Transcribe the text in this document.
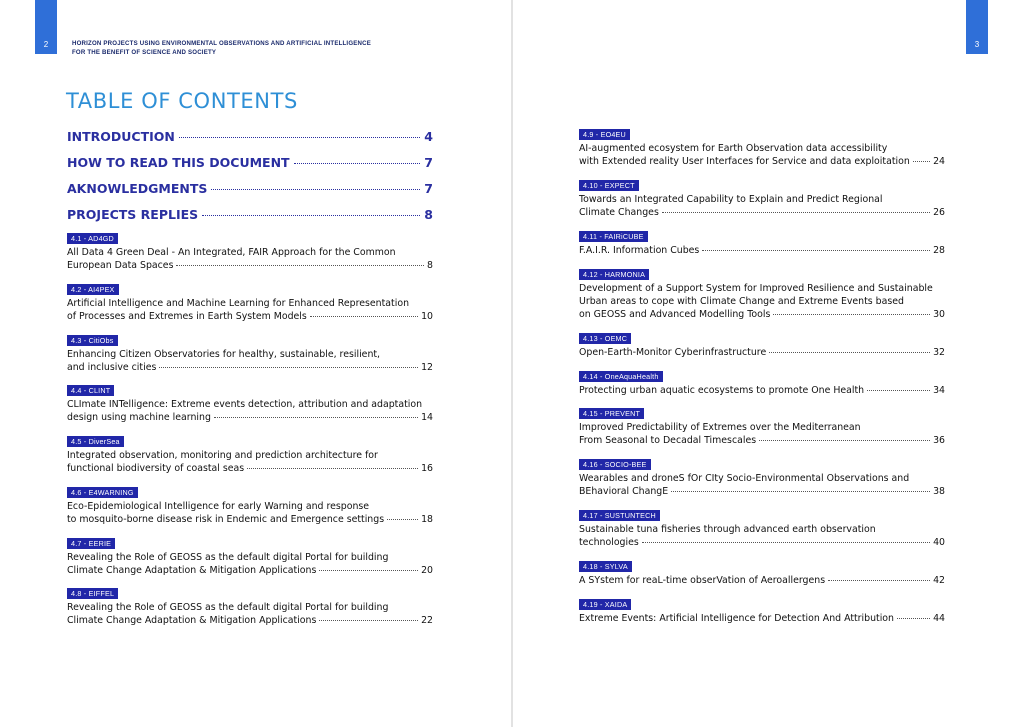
2	3
HORIZON PROJECTS USING ENVIRONMENTAL OBSERVATIONS AND ARTIFICIAL INTELLIGENCE
FOR THE BENEFIT OF SCIENCE AND SOCIETY
TABLE OF CONTENTS
INTRODUCTION	4
HOW TO READ THIS DOCUMENT	7
AKNOWLEDGMENTS	7
PROJECTS REPLIES	8
4.1 - AD4GD
All Data 4 Green Deal - An Integrated, FAIR Approach for the Common
European Data Spaces	8
4.2 - AI4PEX
Artificial Intelligence and Machine Learning for Enhanced Representation
of Processes and Extremes in Earth System Models	10
4.3 - CitiObs
Enhancing Citizen Observatories for healthy, sustainable, resilient,
and inclusive cities	12
4.4 - CLINT
CLImate INTelligence: Extreme events detection, attribution and adaptation
design using machine learning	14
4.5 - DiverSea
Integrated observation, monitoring and prediction architecture for
functional biodiversity of coastal seas	16
4.6 - E4WARNING
Eco-Epidemiological Intelligence for early Warning and response
to mosquito-borne disease risk in Endemic and Emergence settings	18
4.7 - EERIE
Revealing the Role of GEOSS as the default digital Portal for building
Climate Change Adaptation & Mitigation Applications	20
4.8 - EIFFEL
Revealing the Role of GEOSS as the default digital Portal for building
Climate Change Adaptation & Mitigation Applications	22
4.9 - EO4EU
AI-augmented ecosystem for Earth Observation data accessibility
with Extended reality User Interfaces for Service and data exploitation 24
4.10 - EXPECT
Towards an Integrated Capability to Explain and Predict Regional
Climate Changes	26
4.11 - FAIRiCUBE
F.A.I.R. Information Cubes	28
4.12 - HARMONIA
Development of a Support System for Improved Resilience and Sustainable
Urban areas to cope with Climate Change and Extreme Events based
on GEOSS and Advanced Modelling Tools	30
4.13 - OEMC
Open-Earth-Monitor Cyberinfrastructure	32
4.14 - OneAquaHealth
Protecting urban aquatic ecosystems to promote One Health	34
4.15 - PREVENT
Improved Predictability of Extremes over the Mediterranean
From Seasonal to Decadal Timescales	36
4.16 - SOCIO-BEE
Wearables and droneS fOr CIty Socio-Environmental Observations and
BEhavioral ChangE	38
4.17 - SUSTUNTECH
Sustainable tuna fisheries through advanced earth observation
technologies	40
4.18 - SYLVA
A SYstem for reaL-time obserVation of Aeroallergens	42
4.19 - XAIDA
Extreme Events: Artificial Intelligence for Detection And Attribution	44
